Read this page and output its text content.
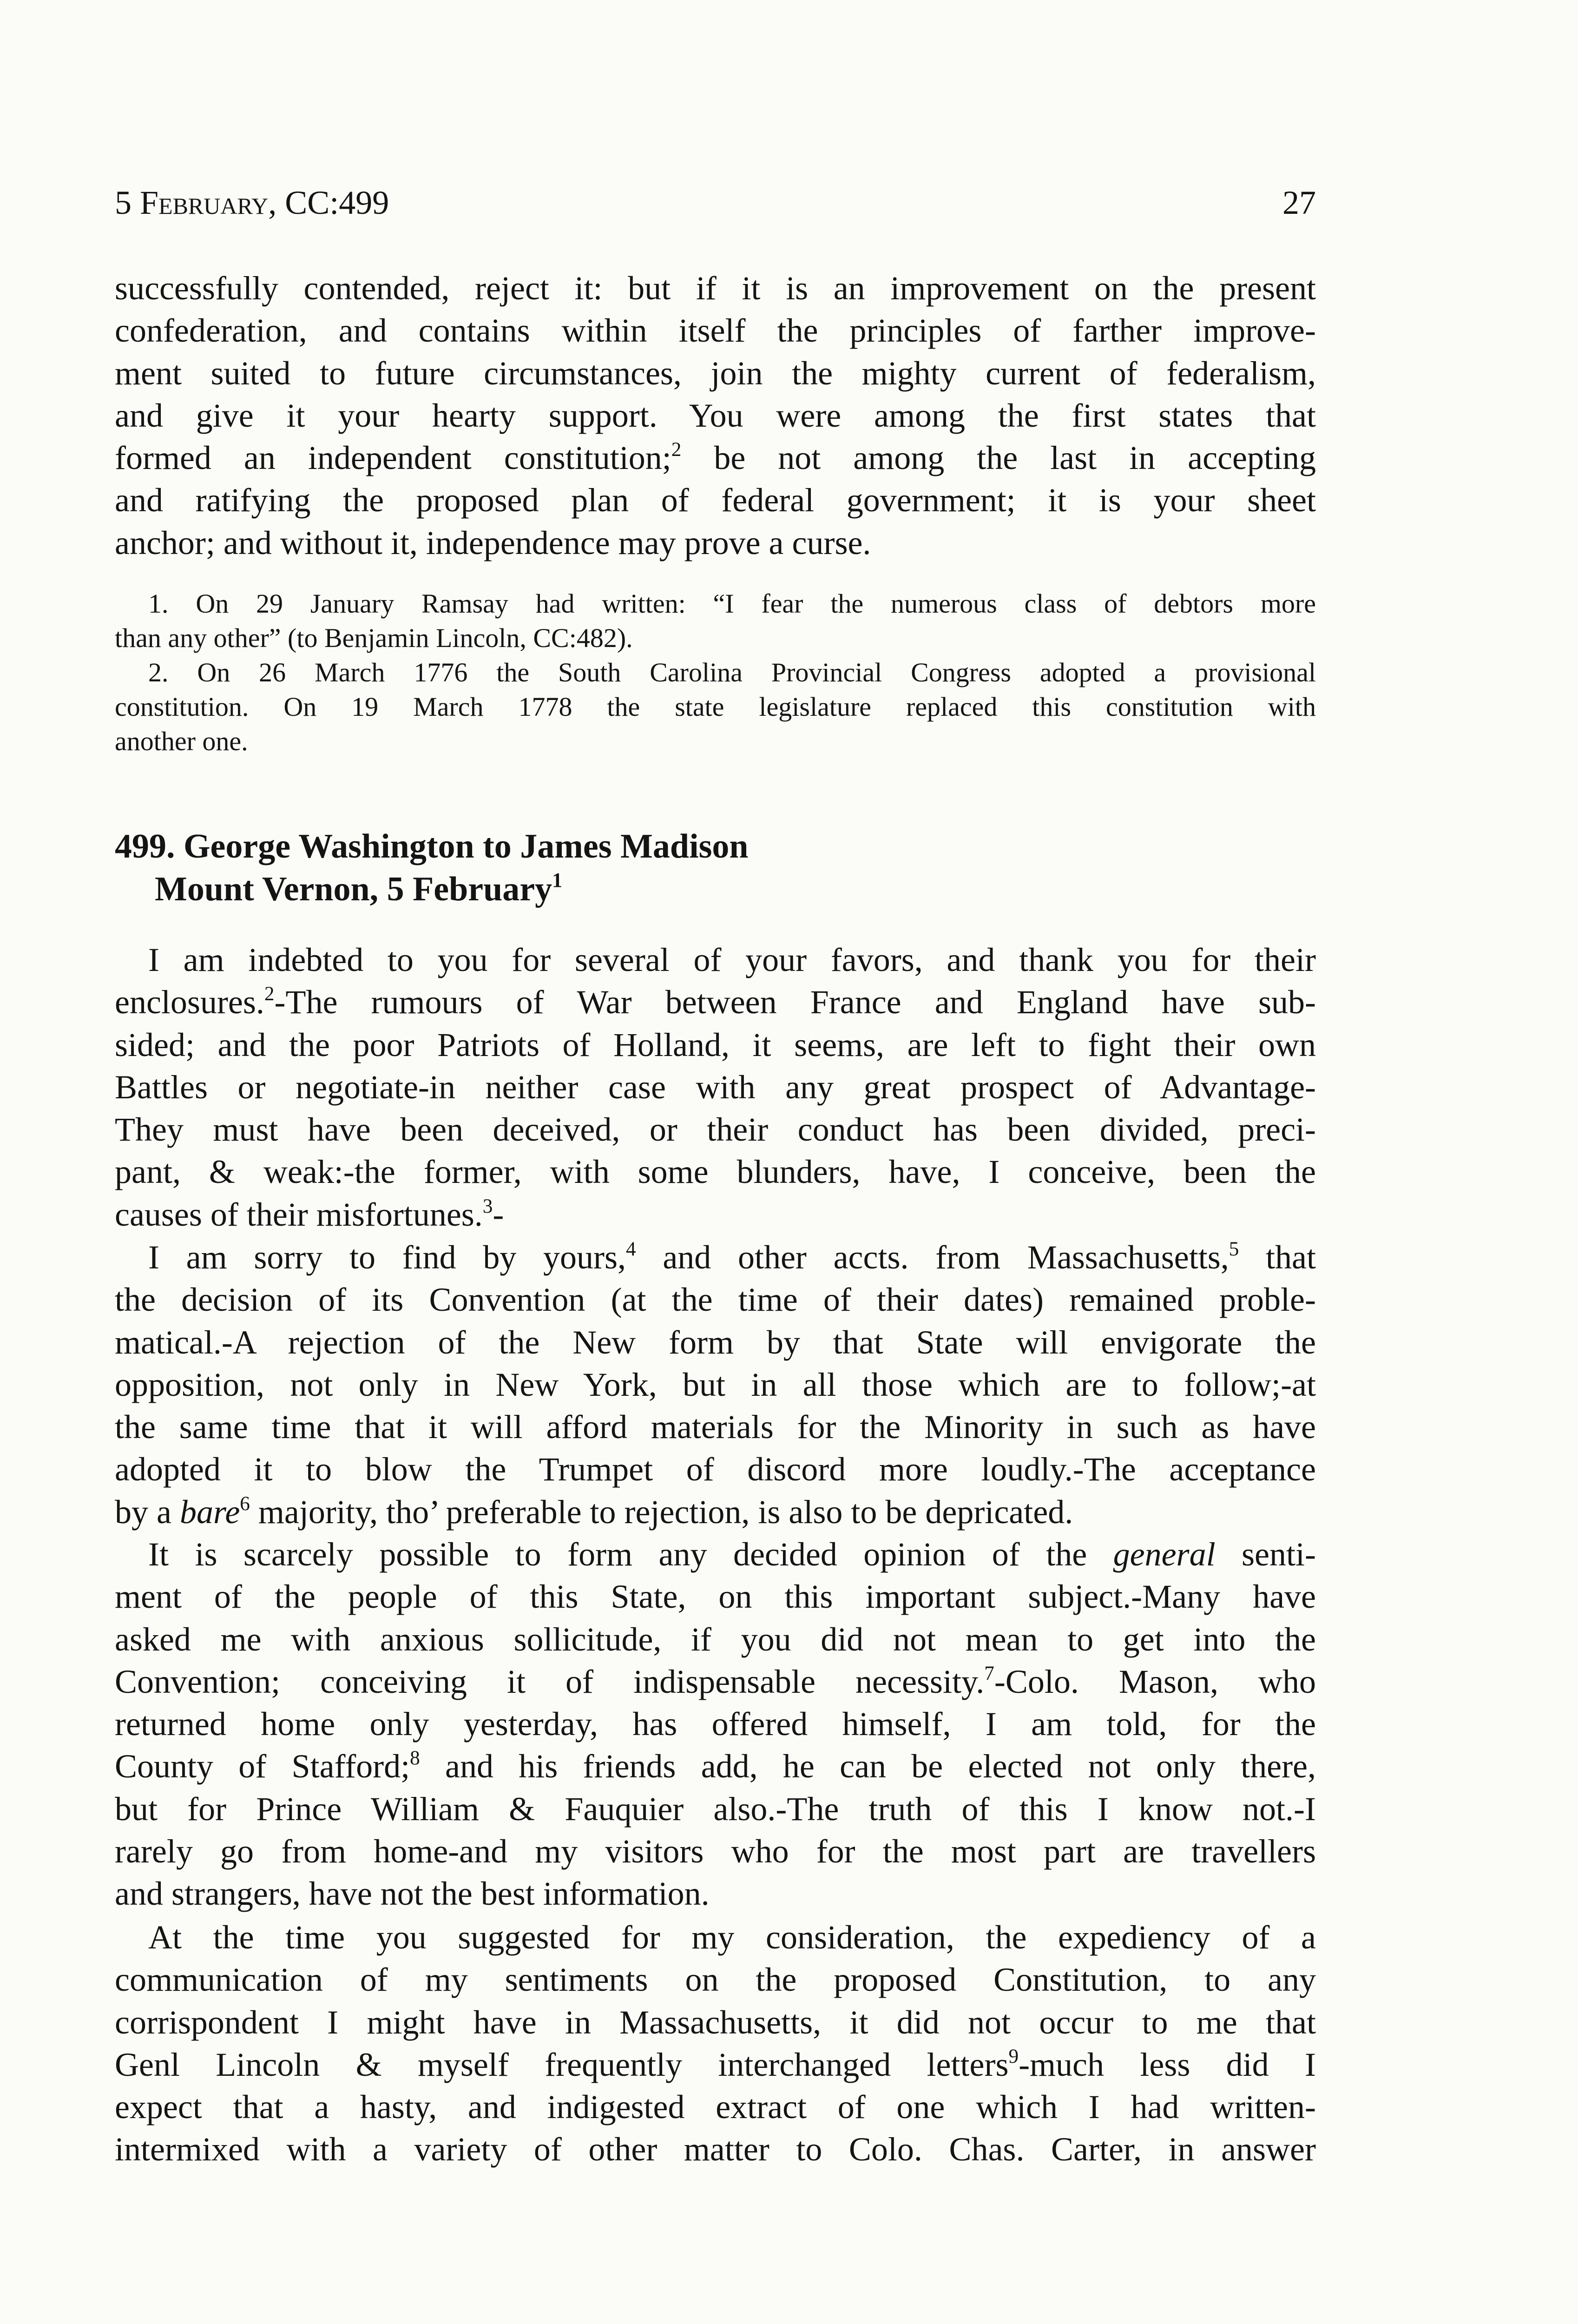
5 February, CC:499	27
successfully contended, reject it: but if it is an improvement on the present
confederation, and contains within itself the principles of farther improve-
ment suited to future circumstances, join the mighty current of federalism,
and give it your hearty support. You were among the first states that
formed an independent constitution;$^2$ be not among the last in accepting
and ratifying the proposed plan of federal government; it is your sheet
anchor; and without it, independence may prove a curse.
1. On 29 January Ramsay had written: “I fear the numerous class of debtors more
than any other” (to Benjamin Lincoln, CC:482).
2. On 26 March 1776 the South Carolina Provincial Congress adopted a provisional
constitution. On 19 March 1778 the state legislature replaced this constitution with
another one.
499. George Washington to James Madison
Mount Vernon, 5 February$^1$
I am indebted to you for several of your favors, and thank you for their
enclosures.$^2$-The rumours of War between France and England have sub-
sided; and the poor Patriots of Holland, it seems, are left to fight their own
Battles or negotiate-in neither case with any great prospect of Advantage-
They must have been deceived, or their conduct has been divided, preci-
pant, & weak:-the former, with some blunders, have, I conceive, been the
causes of their misfortunes.$^3$-
I am sorry to find by yours,$^4$ and other accts. from Massachusetts,$^5$ that
the decision of its Convention (at the time of their dates) remained proble-
matical.-A rejection of the New form by that State will envigorate the
opposition, not only in New York, but in all those which are to follow;-at
the same time that it will afford materials for the Minority in such as have
adopted it to blow the Trumpet of discord more loudly.-The acceptance
by a bare$^6$ majority, tho’ preferable to rejection, is also to be depricated.
It is scarcely possible to form any decided opinion of the general senti-
ment of the people of this State, on this important subject.-Many have
asked me with anxious sollicitude, if you did not mean to get into the
Convention; conceiving it of indispensable necessity.$^7$-Colo. Mason, who
returned home only yesterday, has offered himself, I am told, for the
County of Stafford;$^8$ and his friends add, he can be elected not only there,
but for Prince William & Fauquier also.-The truth of this I know not.-I
rarely go from home-and my visitors who for the most part are travellers
and strangers, have not the best information.
At the time you suggested for my consideration, the expediency of a
communication of my sentiments on the proposed Constitution, to any
corrispondent I might have in Massachusetts, it did not occur to me that
Genl Lincoln & myself frequently interchanged letters$^9$-much less did I
expect that a hasty, and indigested extract of one which I had written-
intermixed with a variety of other matter to Colo. Chas. Carter, in answer
